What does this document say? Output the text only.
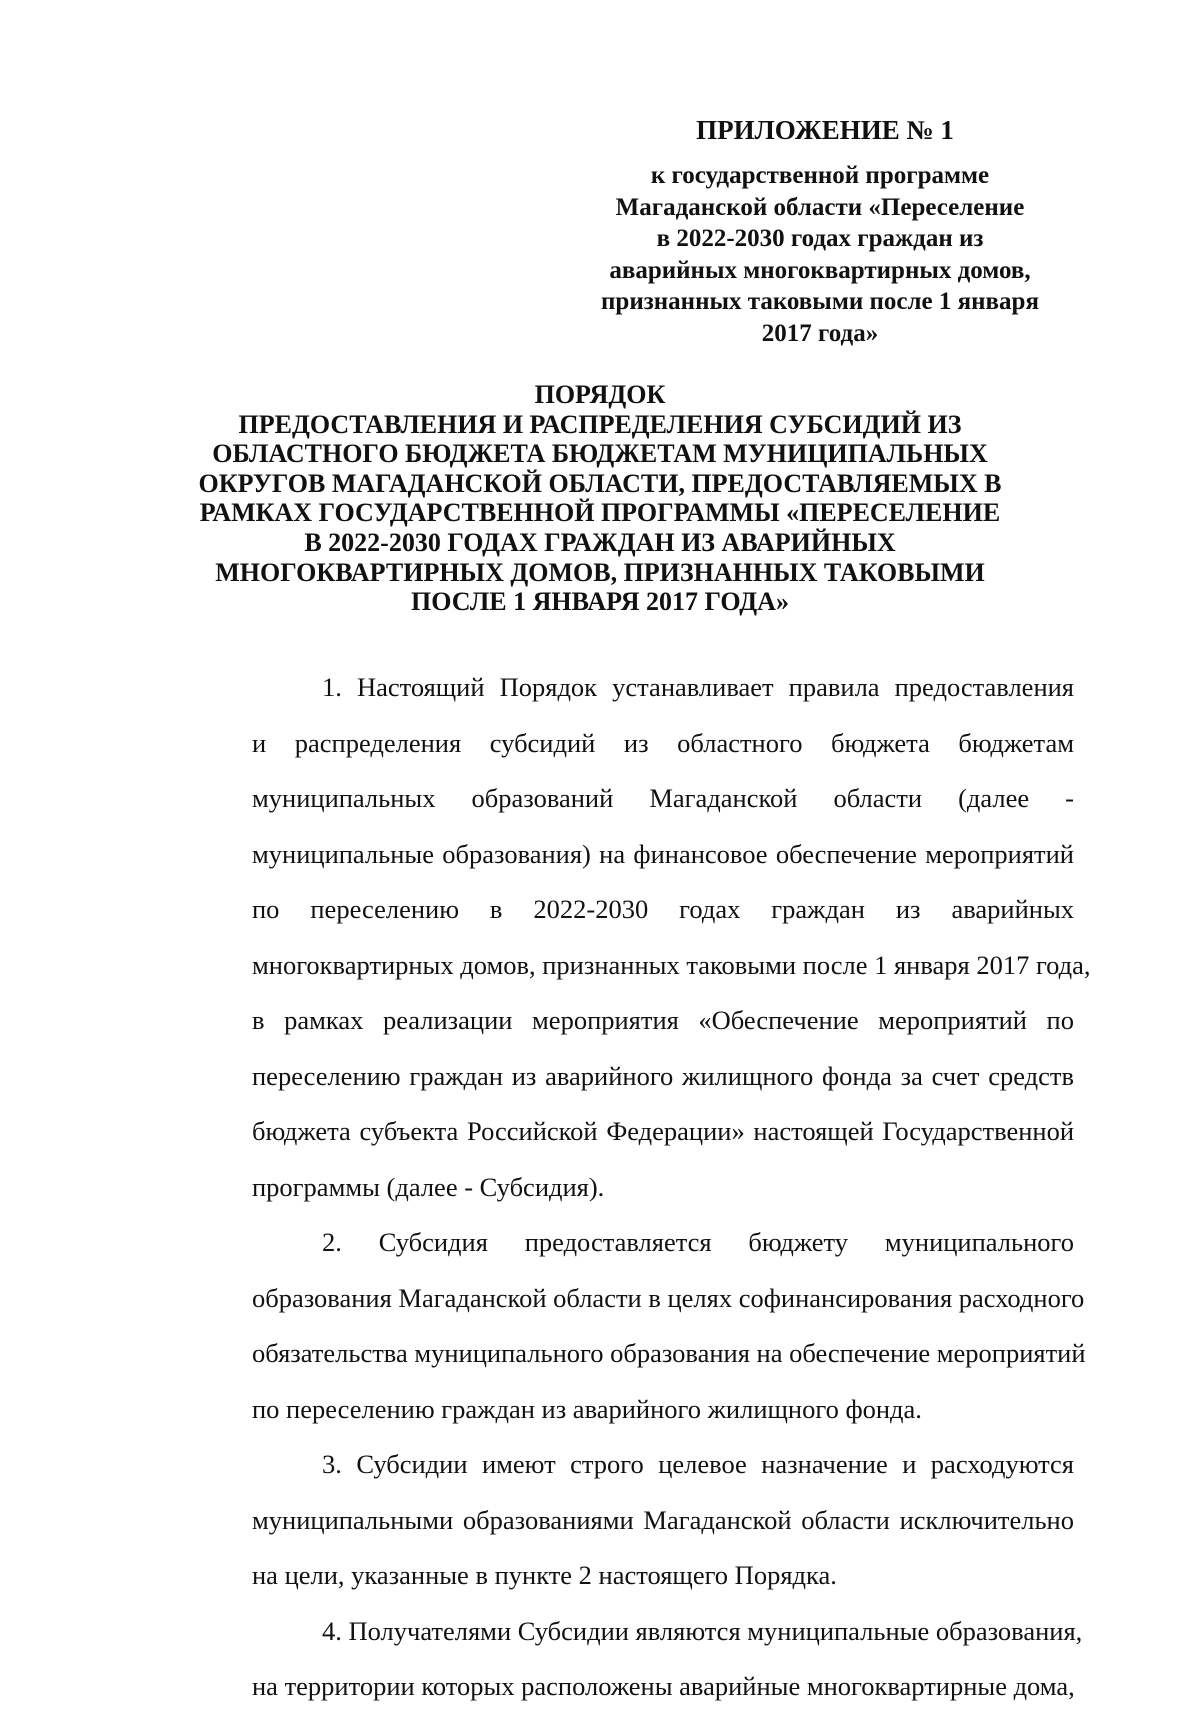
ПРИЛОЖЕНИЕ № 1
к государственной программе
Магаданской области «Переселение
в 2022-2030 годах граждан из
аварийных многоквартирных домов,
признанных таковыми после 1 января
2017 года»
ПОРЯДОК
ПРЕДОСТАВЛЕНИЯ И РАСПРЕДЕЛЕНИЯ СУБСИДИЙ ИЗ
ОБЛАСТНОГО БЮДЖЕТА БЮДЖЕТАМ МУНИЦИПАЛЬНЫХ
ОКРУГОВ МАГАДАНСКОЙ ОБЛАСТИ, ПРЕДОСТАВЛЯЕМЫХ В
РАМКАХ ГОСУДАРСТВЕННОЙ ПРОГРАММЫ «ПЕРЕСЕЛЕНИЕ
В 2022-2030 ГОДАХ ГРАЖДАН ИЗ АВАРИЙНЫХ
МНОГОКВАРТИРНЫХ ДОМОВ, ПРИЗНАННЫХ ТАКОВЫМИ
ПОСЛЕ 1 ЯНВАРЯ 2017 ГОДА»
1. Настоящий Порядок устанавливает правила предоставления
и распределения субсидий из областного бюджета бюджетам
муниципальных образований Магаданской области (далее -
муниципальные образования) на финансовое обеспечение мероприятий
по переселению в 2022-2030 годах граждан из аварийных
многоквартирных домов, признанных таковыми после 1 января 2017 года,
в рамках реализации мероприятия «Обеспечение мероприятий по
переселению граждан из аварийного жилищного фонда за счет средств
бюджета субъекта Российской Федерации» настоящей Государственной
программы (далее - Субсидия).
2. Субсидия предоставляется бюджету муниципального
образования Магаданской области в целях софинансирования расходного
обязательства муниципального образования на обеспечение мероприятий
по переселению граждан из аварийного жилищного фонда.
3. Субсидии имеют строго целевое назначение и расходуются
муниципальными образованиями Магаданской области исключительно
на цели, указанные в пункте 2 настоящего Порядка.
4. Получателями Субсидии являются муниципальные образования,
на территории которых расположены аварийные многоквартирные дома,
